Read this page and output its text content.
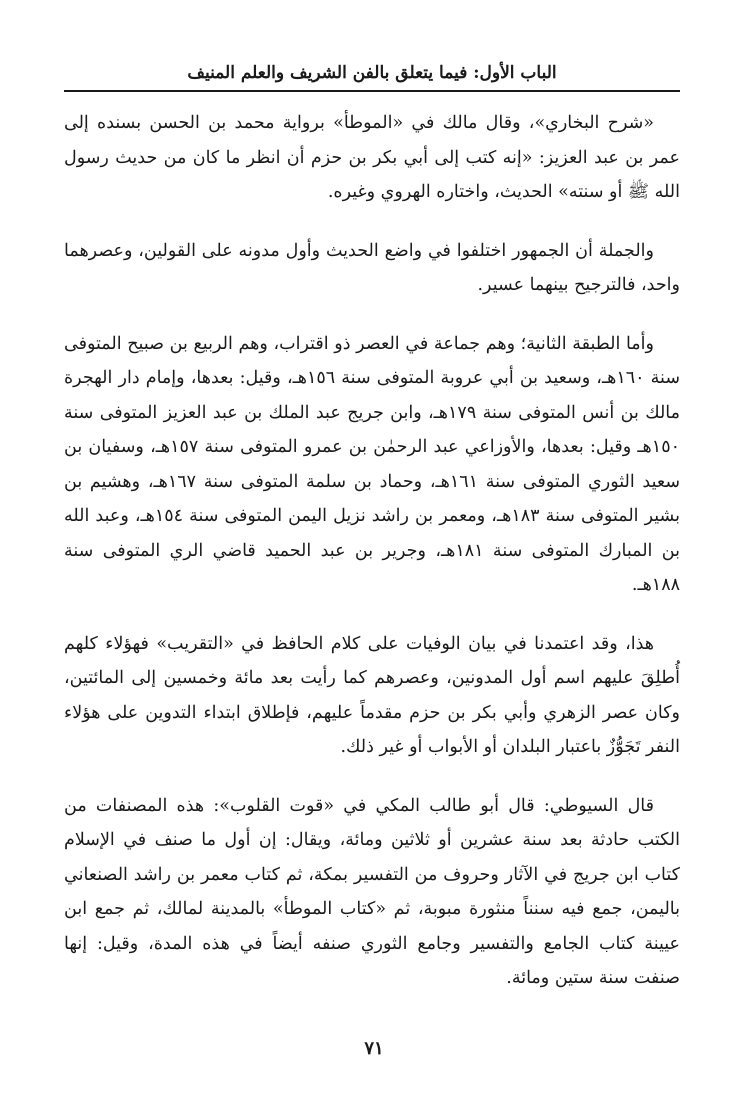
الباب الأول: فيما يتعلق بالفن الشريف والعلم المنيف

«شرح البخاري»، وقال مالك في «الموطأ» برواية محمد بن الحسن بسنده إلى عمر بن عبد العزيز: «إنه كتب إلى أبي بكر بن حزم أن انظر ما كان من حديث رسول الله ﷺ أو سنته» الحديث، واختاره الهروي وغيره.

والجملة أن الجمهور اختلفوا في واضع الحديث وأول مدونه على القولين، وعصرهما واحد، فالترجيح بينهما عسير.

وأما الطبقة الثانية؛ وهم جماعة في العصر ذو اقتراب، وهم الربيع بن صبيح المتوفى سنة ١٦٠هـ، وسعيد بن أبي عروبة المتوفى سنة ١٥٦هـ، وقيل: بعدها، وإمام دار الهجرة مالك بن أنس المتوفى سنة ١٧٩هـ، وابن جريج عبد الملك بن عبد العزيز المتوفى سنة ١٥٠هـ وقيل: بعدها، والأوزاعي عبد الرحمٰن بن عمرو المتوفى سنة ١٥٧هـ، وسفيان بن سعيد الثوري المتوفى سنة ١٦١هـ، وحماد بن سلمة المتوفى سنة ١٦٧هـ، وهشيم بن بشير المتوفى سنة ١٨٣هـ، ومعمر بن راشد نزيل اليمن المتوفى سنة ١٥٤هـ، وعبد الله بن المبارك المتوفى سنة ١٨١هـ، وجرير بن عبد الحميد قاضي الري المتوفى سنة ١٨٨هـ.

هذا، وقد اعتمدنا في بيان الوفيات على كلام الحافظ في «التقريب» فهؤلاء كلهم أُطلِقَ عليهم اسم أول المدونين، وعصرهم كما رأيت بعد مائة وخمسين إلى المائتين، وكان عصر الزهري وأبي بكر بن حزم مقدماً عليهم، فإطلاق ابتداء التدوين على هؤلاء النفر تَجَوُّزٌ باعتبار البلدان أو الأبواب أو غير ذلك.

قال السيوطي: قال أبو طالب المكي في «قوت القلوب»: هذه المصنفات من الكتب حادثة بعد سنة عشرين أو ثلاثين ومائة، ويقال: إن أول ما صنف في الإسلام كتاب ابن جريج في الآثار وحروف من التفسير بمكة، ثم كتاب معمر بن راشد الصنعاني باليمن، جمع فيه سنناً منثورة مبوبة، ثم «كتاب الموطأ» بالمدينة لمالك، ثم جمع ابن عيينة كتاب الجامع والتفسير وجامع الثوري صنفه أيضاً في هذه المدة، وقيل: إنها صنفت سنة ستين ومائة.

٧١
